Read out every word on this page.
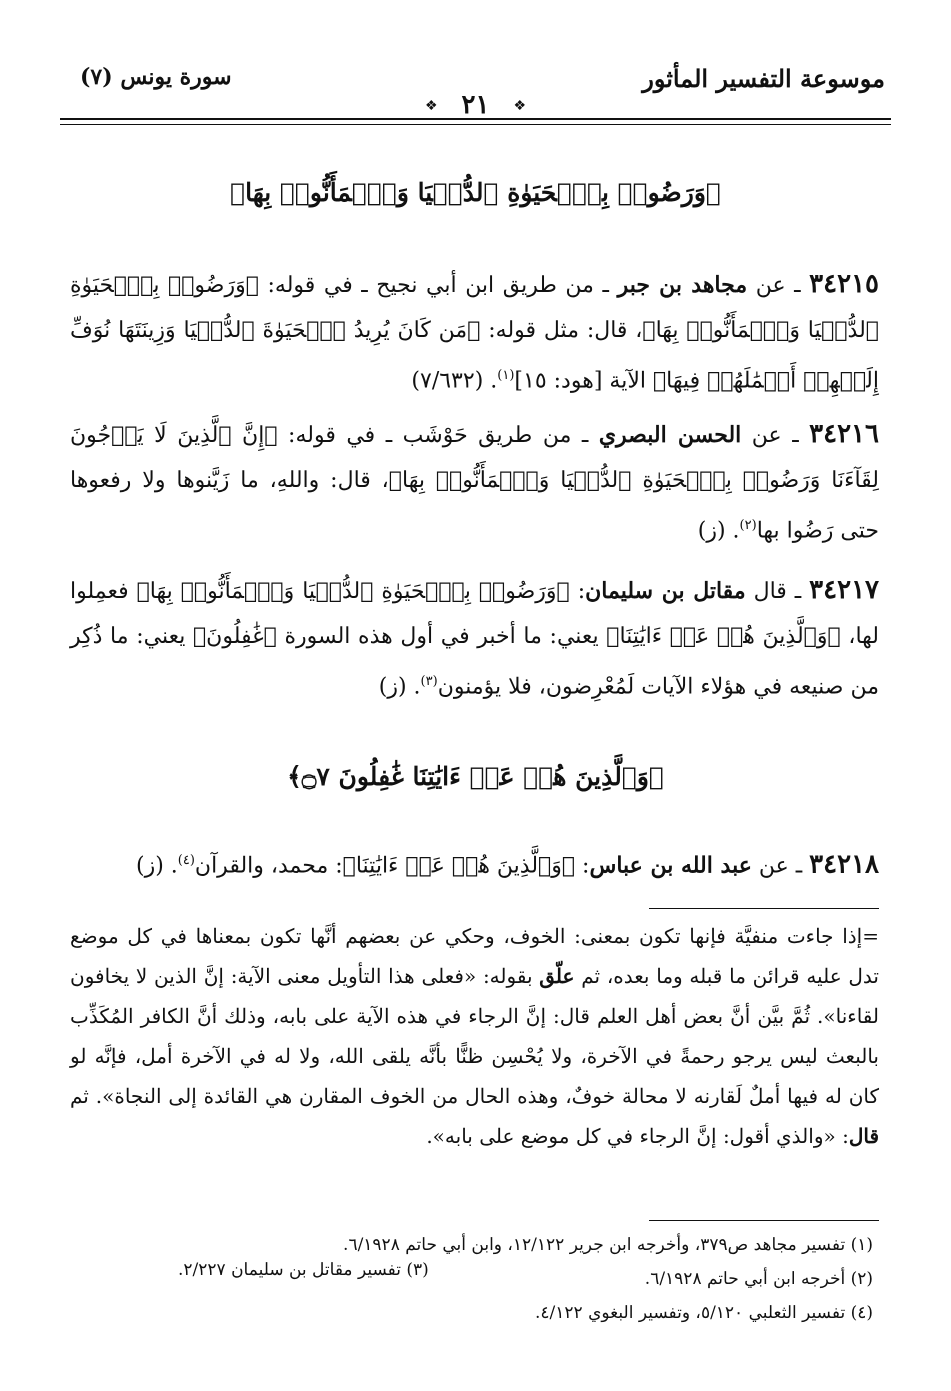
موسوعة التفسير المأثور
سورة يونس (٧)
❖ ٢١	❖
﴿وَرَضُوا۟ بِٱلۡحَيَوٰةِ ٱلدُّنۡيَا وَٱطۡمَأَنُّوا۟ بِهَا﴾
٣٤٢١٥ ـ عن مجاهد بن جبر ـ من طريق ابن أبي نجيح ـ في قوله: ﴿وَرَضُوا۟ بِٱلۡحَيَوٰةِ ٱلدُّنۡيَا وَٱطۡمَأَنُّوا۟ بِهَا﴾، قال: مثل قوله: ﴿مَن كَانَ يُرِيدُ ٱلۡحَيَوٰةَ ٱلدُّنۡيَا وَزِينَتَهَا نُوَفِّ إِلَيۡهِمۡ أَعۡمَٰلَهُمۡ فِيهَا﴾ الآية [هود: ١٥]$^{(١)}$. (٧/٦٣٢)
٣٤٢١٦ ـ عن الحسن البصري ـ من طريق حَوْشَب ـ في قوله: ﴿إِنَّ ٱلَّذِينَ لَا يَرۡجُونَ لِقَآءَنَا وَرَضُوا۟ بِٱلۡحَيَوٰةِ ٱلدُّنۡيَا وَٱطۡمَأَنُّوا۟ بِهَا﴾، قال: واللهِ، ما زَيَّنوها ولا رفعوها حتى رَضُوا بها$^{(٢)}$. (ز)
٣٤٢١٧ ـ قال مقاتل بن سليمان: ﴿وَرَضُوا۟ بِٱلۡحَيَوٰةِ ٱلدُّنۡيَا وَٱطۡمَأَنُّوا۟ بِهَا﴾ فعمِلوا لها، ﴿وَٱلَّذِينَ هُمۡ عَنۡ ءَايَٰتِنَا﴾ يعني: ما أخبر في أول هذه السورة ﴿غَٰفِلُونَ﴾ يعني: ما ذُكِر من صنيعه في هؤلاء الآيات لَمُعْرِضون، فلا يؤمنون$^{(٣)}$. (ز)
﴿وَٱلَّذِينَ هُمۡ عَنۡ ءَايَٰتِنَا غَٰفِلُونَ ۝٧﴾
٣٤٢١٨ ـ عن عبد الله بن عباس: ﴿وَٱلَّذِينَ هُمۡ عَنۡ ءَايَٰتِنَا﴾: محمد، والقرآن$^{(٤)}$. (ز)
=إذا جاءت منفيَّة فإنها تكون بمعنى: الخوف، وحكي عن بعضهم أنَّها تكون بمعناها في كل موضع تدل عليه قرائن ما قبله وما بعده، ثم علّق بقوله: «فعلى هذا التأويل معنى الآية: إنَّ الذين لا يخافون لقاءنا». ثُمَّ بيَّن أنَّ بعض أهل العلم قال: إنَّ الرجاء في هذه الآية على بابه، وذلك أنَّ الكافر المُكَذِّب بالبعث ليس يرجو رحمةً في الآخرة، ولا يُحْسِن ظنًّا بأنَّه يلقى الله، ولا له في الآخرة أمل، فإنَّه لو كان له فيها أملٌ لَقارنه لا محالة خوفٌ، وهذه الحال من الخوف المقارن هي القائدة إلى النجاة». ثم قال: «والذي أقول: إنَّ الرجاء في كل موضع على بابه».
(١) تفسير مجاهد ص٣٧٩، وأخرجه ابن جرير ١٢/١٢٢، وابن أبي حاتم ٦/١٩٢٨.
(٢) أخرجه ابن أبي حاتم ٦/١٩٢٨.
(٣) تفسير مقاتل بن سليمان ٢/٢٢٧.
(٤) تفسير الثعلبي ٥/١٢٠، وتفسير البغوي ٤/١٢٢.
